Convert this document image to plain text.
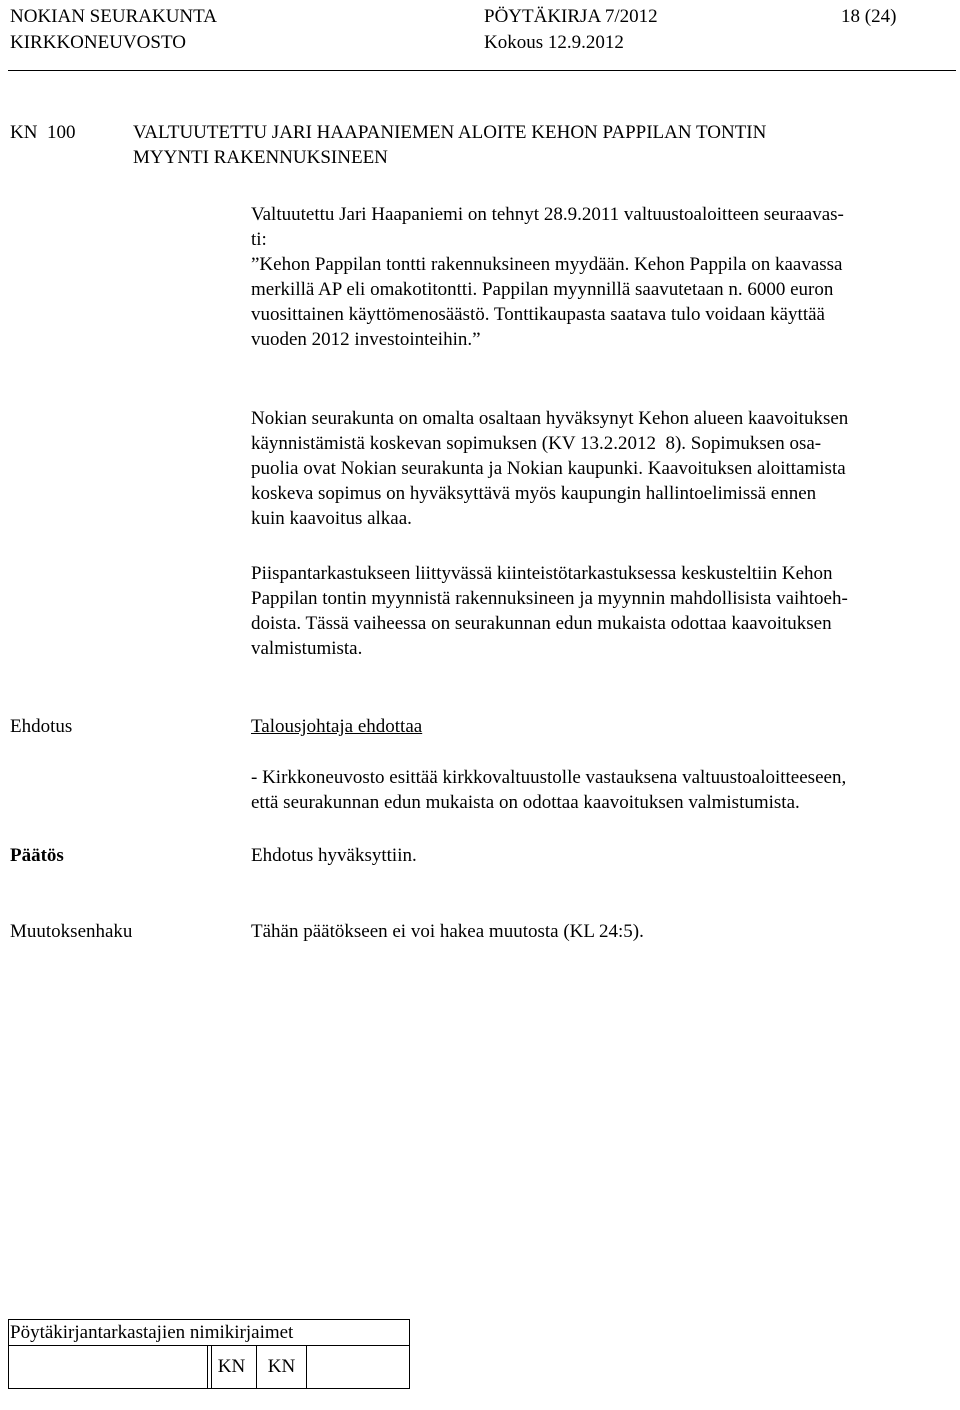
NOKIAN SEURAKUNTA
KIRKKONEUVOSTO
PÖYTÄKIRJA 7/2012
Kokous 12.9.2012
18 (24)
KN  100	VALTUUTETTU JARI HAAPANIEMEN ALOITE KEHON PAPPILAN TONTIN
MYYNTI RAKENNUKSINEEN
Valtuutettu Jari Haapaniemi on tehnyt 28.9.2011 valtuustoaloitteen seuraavas-
ti:
”Kehon Pappilan tontti rakennuksineen myydään. Kehon Pappila on kaavassa
merkillä AP eli omakotitontti. Pappilan myynnillä saavutetaan n. 6000 euron
vuosittainen käyttömenosäästö. Tonttikaupasta saatava tulo voidaan käyttää
vuoden 2012 investointeihin.”
Nokian seurakunta on omalta osaltaan hyväksynyt Kehon alueen kaavoituksen
käynnistämistä koskevan sopimuksen (KV 13.2.2012  8). Sopimuksen osa-
puolia ovat Nokian seurakunta ja Nokian kaupunki. Kaavoituksen aloittamista
koskeva sopimus on hyväksyttävä myös kaupungin hallintoelimissä ennen
kuin kaavoitus alkaa.
Piispantarkastukseen liittyvässä kiinteistötarkastuksessa keskusteltiin Kehon
Pappilan tontin myynnistä rakennuksineen ja myynnin mahdollisista vaihtoeh-
doista. Tässä vaiheessa on seurakunnan edun mukaista odottaa kaavoituksen
valmistumista.
Ehdotus	Talousjohtaja ehdottaa
- Kirkkoneuvosto esittää kirkkovaltuustolle vastauksena valtuustoaloitteeseen,
että seurakunnan edun mukaista on odottaa kaavoituksen valmistumista.
Päätös	Ehdotus hyväksyttiin.
Muutoksenhaku	Tähän päätökseen ei voi hakea muutosta (KL 24:5).
Pöytäkirjantarkastajien nimikirjaimet
KN	KN
